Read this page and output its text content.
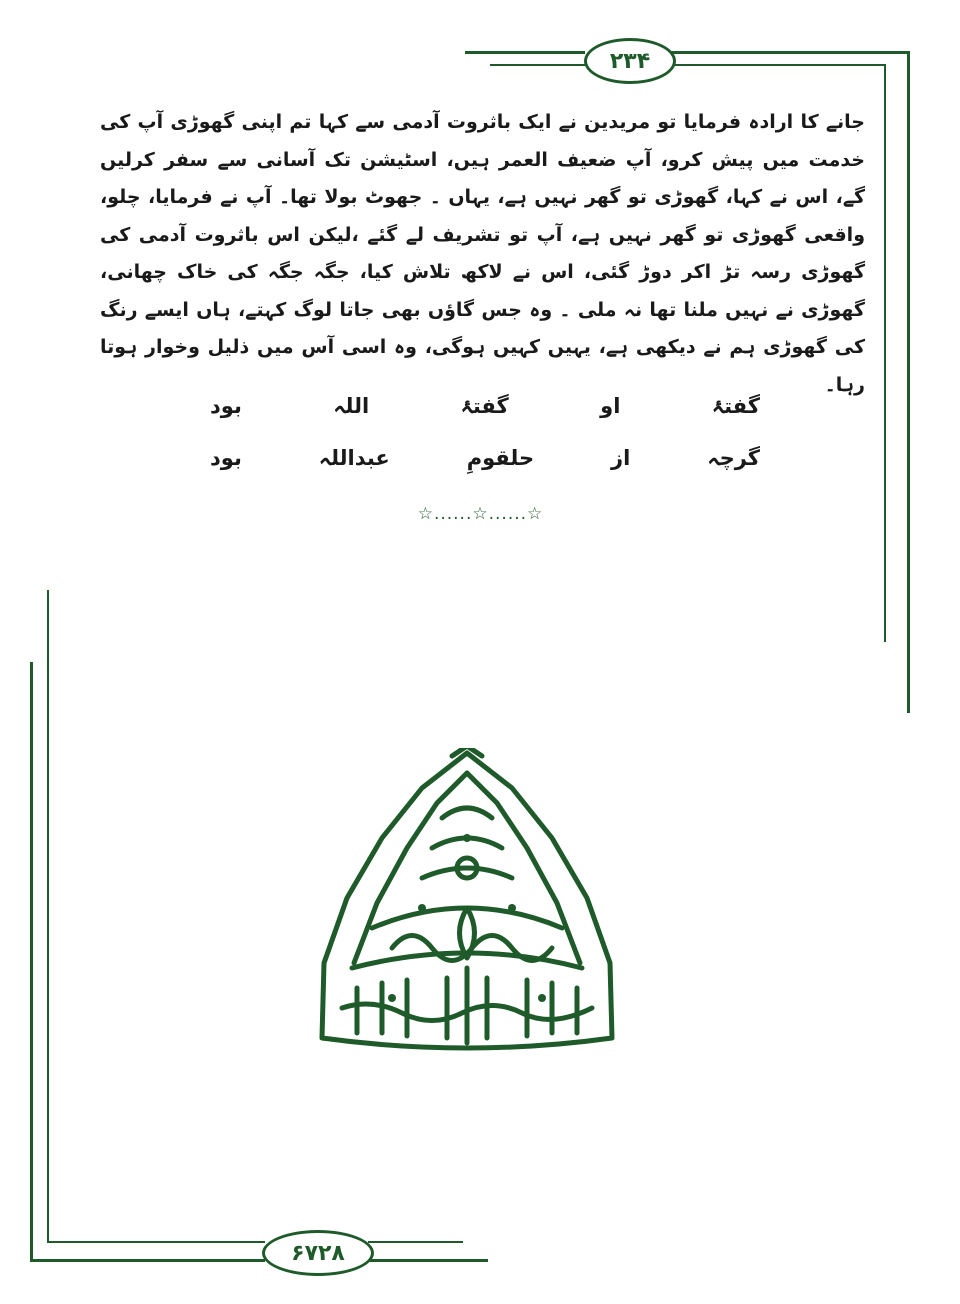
۲۳۴
جانے کا ارادہ فرمایا تو مریدین نے ایک باثروت آدمی سے کہا تم اپنی گھوڑی آپ کی خدمت میں پیش کرو، آپ ضعیف العمر ہیں، اسٹیشن تک آسانی سے سفر کرلیں گے، اس نے کہا، گھوڑی تو گھر نہیں ہے، یہاں ۔ جھوٹ بولا تھا۔ آپ نے فرمایا، چلو، واقعی گھوڑی تو گھر نہیں ہے، آپ تو تشریف لے گئے ،لیکن اس باثروت آدمی کی گھوڑی رسہ تڑ اکر دوڑ گئی، اس نے لاکھ تلاش کیا، جگہ جگہ کی خاک چھانی، گھوڑی نے نہیں ملنا تھا نہ ملی ۔ وہ جس گاؤں بھی جاتا لوگ کہتے، ہاں ایسے رنگ کی گھوڑی ہم نے دیکھی ہے، یہیں کہیں ہوگی، وہ اسی آس میں ذلیل وخوار ہوتا رہا۔
گفتۂ
او
گفتۂ
اللہ
بود
گرچہ
از
حلقومِ
عبداللہ
بود
☆......☆......☆
۶۷۲۸
